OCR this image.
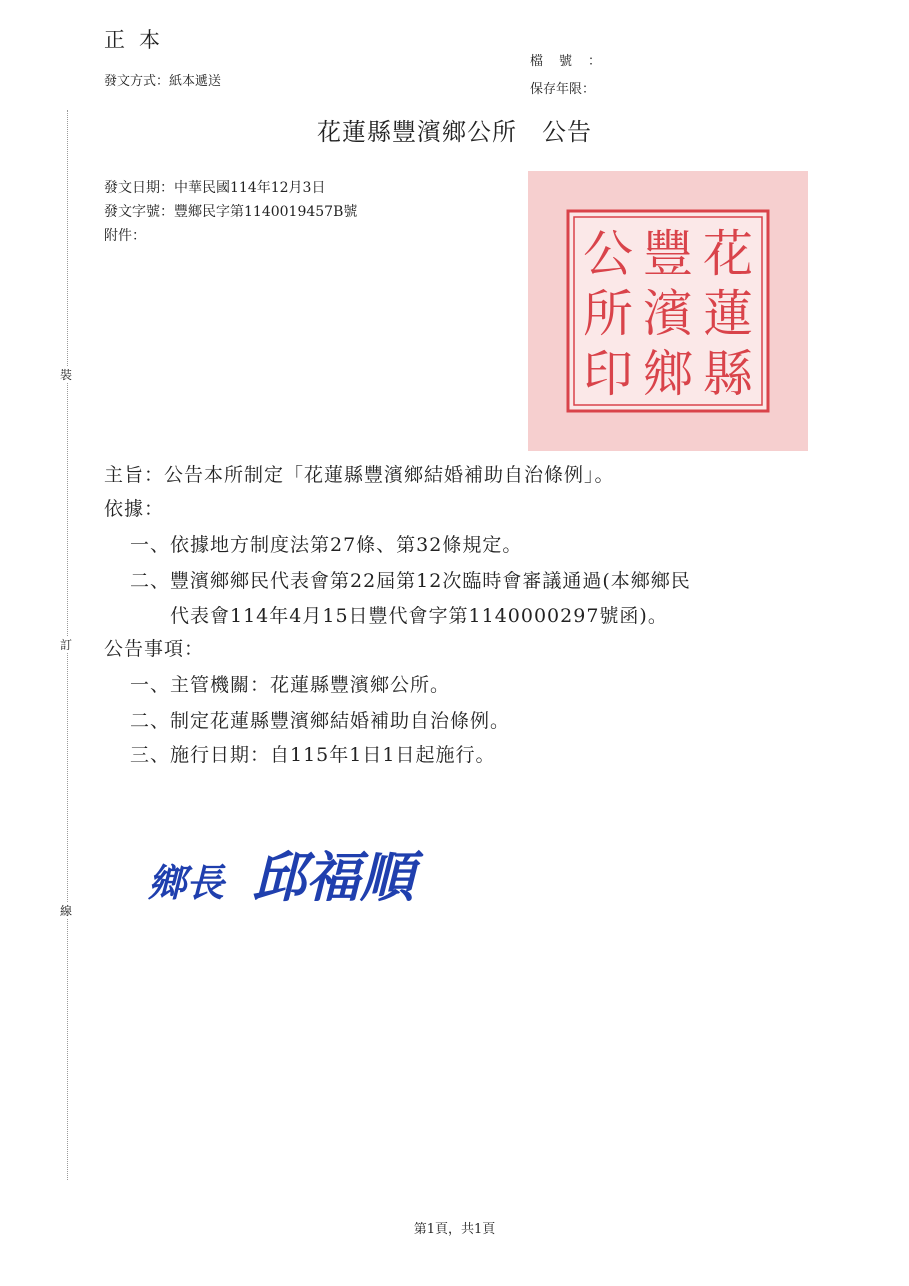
正本
發文方式：紙本遞送
檔號：
保存年限：
裝
訂
線
花蓮縣豐濱鄉公所　公告
發文日期：中華民國114年12月3日
發文字號：豐鄉民字第1140019457B號
附件：	花
蓮
縣
豐
濱
鄉
公
所
印
主旨：公告本所制定「花蓮縣豐濱鄉結婚補助自治條例」。
依據：
一、依據地方制度法第27條、第32條規定。
二、豐濱鄉鄉民代表會第22屆第12次臨時會審議通過(本鄉鄉民
代表會114年4月15日豐代會字第1140000297號函)。
公告事項：
一、主管機關：花蓮縣豐濱鄉公所。
二、制定花蓮縣豐濱鄉結婚補助自治條例。
三、施行日期：自115年1日1日起施行。
鄉長 邱福順
第1頁，共1頁
